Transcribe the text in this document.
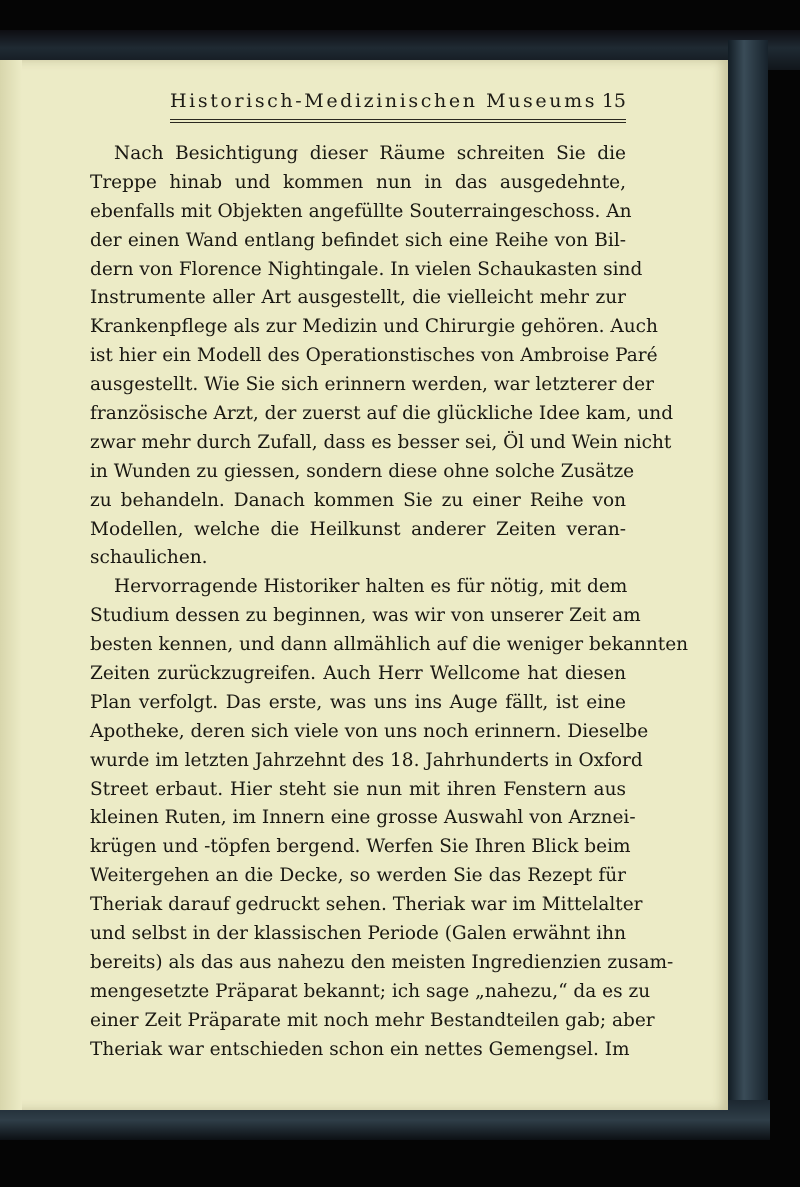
Historisch-Medizinischen Museums 15
Nach Besichtigung dieser Räume schreiten Sie die
Treppe hinab und kommen nun in das ausgedehnte,
ebenfalls mit Objekten angefüllte Souterraingeschoss. An
der einen Wand entlang befindet sich eine Reihe von Bil-
dern von Florence Nightingale. In vielen Schaukasten sind
Instrumente aller Art ausgestellt, die vielleicht mehr zur
Krankenpflege als zur Medizin und Chirurgie gehören. Auch
ist hier ein Modell des Operationstisches von Ambroise Paré
ausgestellt. Wie Sie sich erinnern werden, war letzterer der
französische Arzt, der zuerst auf die glückliche Idee kam, und
zwar mehr durch Zufall, dass es besser sei, Öl und Wein nicht
in Wunden zu giessen, sondern diese ohne solche Zusätze
zu behandeln. Danach kommen Sie zu einer Reihe von
Modellen, welche die Heilkunst anderer Zeiten veran-
schaulichen.
Hervorragende Historiker halten es für nötig, mit dem
Studium dessen zu beginnen, was wir von unserer Zeit am
besten kennen, und dann allmählich auf die weniger bekannten
Zeiten zurückzugreifen. Auch Herr Wellcome hat diesen
Plan verfolgt. Das erste, was uns ins Auge fällt, ist eine
Apotheke, deren sich viele von uns noch erinnern. Dieselbe
wurde im letzten Jahrzehnt des 18. Jahrhunderts in Oxford
Street erbaut. Hier steht sie nun mit ihren Fenstern aus
kleinen Ruten, im Innern eine grosse Auswahl von Arznei-
krügen und -töpfen bergend. Werfen Sie Ihren Blick beim
Weitergehen an die Decke, so werden Sie das Rezept für
Theriak darauf gedruckt sehen. Theriak war im Mittelalter
und selbst in der klassischen Periode (Galen erwähnt ihn
bereits) als das aus nahezu den meisten Ingredienzien zusam-
mengesetzte Präparat bekannt; ich sage „nahezu,“ da es zu
einer Zeit Präparate mit noch mehr Bestandteilen gab; aber
Theriak war entschieden schon ein nettes Gemengsel. Im
